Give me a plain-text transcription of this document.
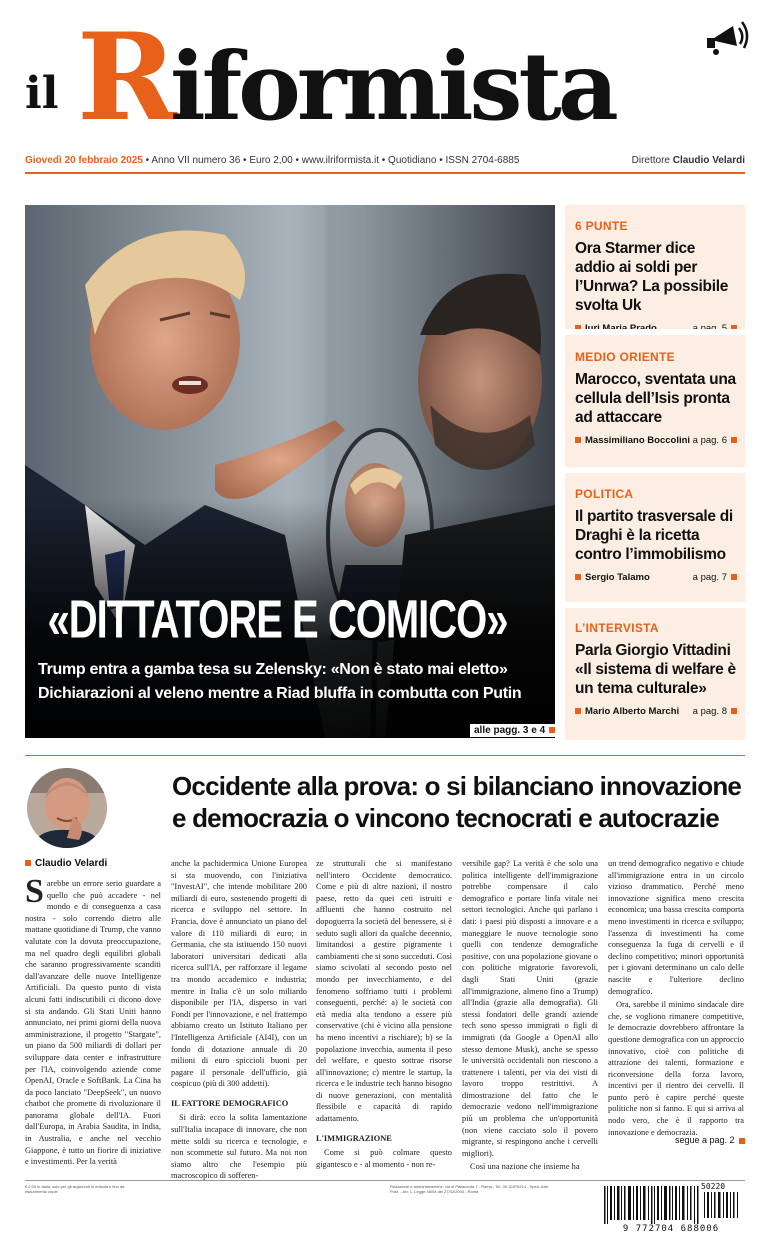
il R
iformista
Giovedì 20 febbraio 2025 • Anno VII numero 36 • Euro 2,00 • www.ilriformista.it • Quotidiano • ISSN 2704-6885	Direttore Claudio Velardi
«DITTATORE E COMICO»
Trump entra a gamba tesa su Zelensky: «Non è stato mai eletto»
Dichiarazioni al veleno mentre a Riad bluffa in combutta con Putin
alle pagg. 3 e 4
6 PUNTE
Ora Starmer dice addio ai soldi per l’Unrwa? La possibile svolta Uk
MEDIO ORIENTE
Marocco, sventata una cellula dell’Isis pronta ad attaccare
Massimiliano Boccolini a pag. 6
POLITICA
Il partito trasversale di Draghi è la ricetta contro l’immobilismo
Sergio Talamo	a pag. 7
L’INTERVISTA
Parla Giorgio Vittadini «Il sistema di welfare è un tema culturale»
Mario Alberto Marchi a pag. 8
Occidente alla prova: o si bilanciano innovazione
e democrazia o vincono tecnocrati e autocrazie
Claudio Velardi

Sarebbe un errore serio guardare a quello che può accadere - nel mondo e di conseguenza a casa nostra - solo correndo dietro alle mattane quotidiane di Trump, che vanno valutate con la dovuta preoccupazione, ma nel quadro degli equilibri globali che saranno progressivamente scanditi dall'avanzare delle nuove Intelligenze Artificiali. Da questo punto di vista alcuni fatti indiscutibili ci dicono dove si sta andando. Gli Stati Uniti hanno annunciato, nei primi giorni della nuova amministrazione, il progetto "Stargate", un piano da 500 miliardi di dollari per sviluppare data center e infrastrutture per l'IA, coinvolgendo aziende come OpenAI, Oracle e SoftBank. La Cina ha da poco lanciato "DeepSeek", un nuovo chatbot che promette di rivoluzionare il panorama globale dell'IA. Fuori dall'Europa, in Arabia Saudita, in India, in Australia, e anche nel vecchio Giappone, è tutto un fiorire di iniziative e investimenti. Per la verità

anche la pachidermica Unione Europea si sta muovendo, con l'iniziativa "InvestAI", che intende mobilitare 200 miliardi di euro, sostenendo progetti di ricerca e sviluppo nel settore. In Francia, dove è annunciato un piano del valore di 110 miliardi di euro; in Germania, che sta istituendo 150 nuovi laboratori universitari dedicati alla ricerca sull'IA, per rafforzare il legame tra mondo accademico e industria; mentre in Italia c'è un solo miliardo disponibile per l'IA, disperso in vari Fondi per l'innovazione, e nel frattempo abbiamo creato un Istituto Italiano per l'Intelligenza Artificiale (AI4I), con un fondo di dotazione annuale di 20 milioni di euro spiccioli buoni per pagare il personale dell'ufficio, già cospicuo (più di 300 addetti).

IL FATTORE DEMOGRAFICO

Si dirà: ecco la solita lamentazione sull'Italia incapace di innovare, che non mette soldi su ricerca e tecnologie, e non scommette sul futuro. Ma noi non siamo altro che l'esempio più macroscopico di sofferen-

ze strutturali che si manifestano nell'intero Occidente democratico. Come e più di altre nazioni, il nostro paese, retto da quei ceti istruiti e affluenti che hanno costruito nel dopoguerra la società del benessere, si è seduto sugli allori da qualche decennio, limitandosi a gestire pigramente i cambiamenti che si sono succeduti. Così siamo scivolati al secondo posto nel mondo per invecchiamento, e del fenomeno soffriamo tutti i problemi conseguenti, perché: a) le società con età media alta tendono a essere più conservative (chi è vicino alla pensione ha meno incentivi a rischiare); b) se la popolazione invecchia, aumenta il peso del welfare, e questo sottrae risorse all'innovazione; c) mentre le startup, la ricerca e le industrie tech hanno bisogno di nuove generazioni, con mentalità flessibile e capacità di rapido adattamento.

L'IMMIGRAZIONE

Come si può colmare questo gigantesco e - al momento - non re-

versibile gap? La verità è che solo una politica intelligente dell'immigrazione potrebbe compensare il calo demografico e portare linfa vitale nei settori tecnologici. Anche qui parlano i dati: i paesi più disposti a innovare e a maneggiare le nuove tecnologie sono quelli con tendenze demografiche positive, con una popolazione giovane o con politiche migratorie favorevoli, dagli Stati Uniti (grazie all'immigrazione, almeno fino a Trump) all'India (grazie alla demografia). Gli stessi fondatori delle grandi aziende tech sono spesso immigrati o figli di immigrati (da Google a OpenAI allo stesso demone Musk), anche se spesso le università occidentali non riescono a trattenere i talenti, per via dei visti di lavoro troppo restrittivi. A dimostrazione del fatto che le democrazie vedono nell'immigrazione più un problema che un'opportunità (non viene cacciato solo il povero migrante, si respingono anche i cervelli migliori).

Così una nazione che insieme ha

un trend demografico negativo e chiude all'immigrazione entra in un circolo vizioso drammatico. Perché meno innovazione significa meno crescita economica; una bassa crescita comporta meno investimenti in ricerca e sviluppo; l'assenza di investimenti ha come conseguenza la fuga di cervelli e il declino competitivo; minori opportunità per i giovani determinano un calo delle nascite e l'ulteriore declino demografico.

Ora, sarebbe il minimo sindacale dire che, se vogliono rimanere competitive, le democrazie dovrebbero affrontare la questione demografica con un approccio innovativo, cioè con politiche di attrazione dei talenti, formazione e riconversione della forza lavoro, incentivi per il rientro dei cervelli. Il punto però è capire perché queste politiche non si fanno. E qui si arriva al nodo vero, che è il rapporto tra innovazione e democrazia.

segue a pag. 2
€ 2,00 in Italia; solo per gli acquirenti in edicola e fino ad esaurimento copie
Redazione e amministrazione: via di Pallacorda 7 - Roma - Tel. 06 32876214 - Sped. Abb. Post. - Art. 1, Legge 46/04 del 27/02/2004 - Roma
50220
9 772704 688006
